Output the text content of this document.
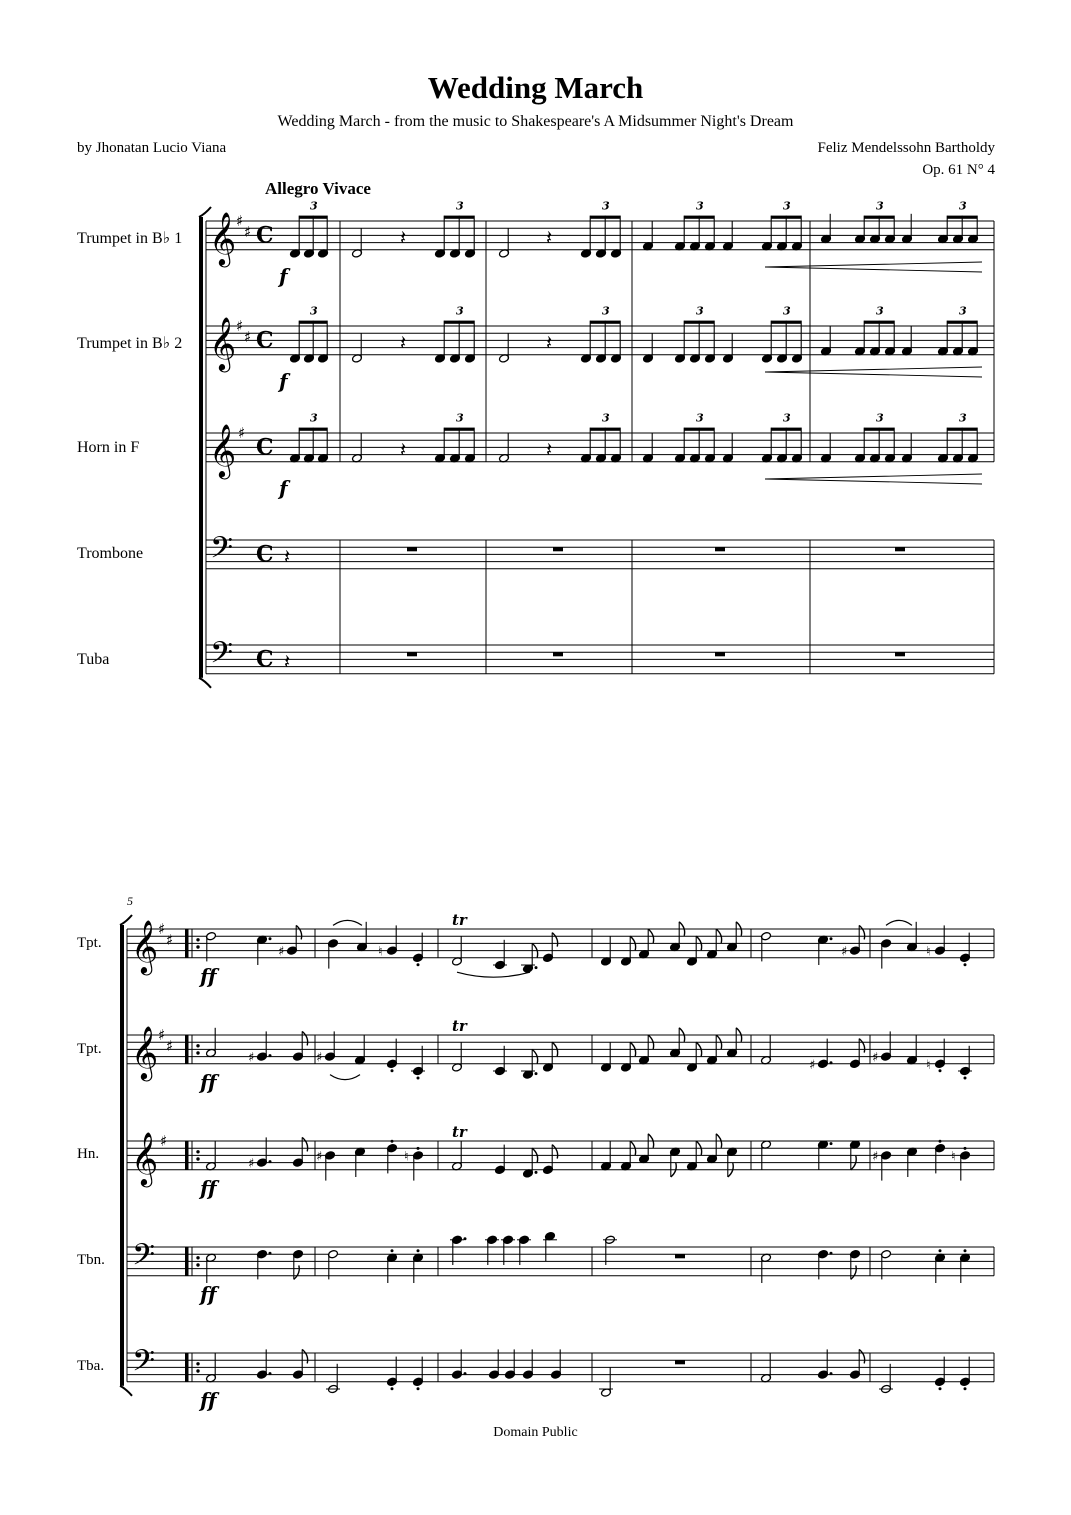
Wedding March
Wedding March - from the music to Shakespeare's A Midsummer Night's Dream
by Jhonatan Lucio Viana	Feliz Mendelssohn Bartholdy
Op. 61 N° 4
Allegro Vivace
Trumpet in B♭ 1
Trumpet in B♭ 2
Horn in F
Trombone
Tuba
Tpt.
Tpt.
Hn.
Tbn.
Tba.
5
𝄞
𝄞
𝄞
𝄢
𝄢
♯
♯
♯
♯
♯
C
C
C
C
C
3
𝄽
3
𝄽
3	3	3	3	3
3
𝄽
3
𝄽
3	3	3	3	3
3
𝄽
3
𝄽
3	3	3	3	3
𝄽
𝄽
f
f
f
𝄞
𝄞
𝄞
𝄢
𝄢
♯
♯
♯
♯
♯
♯	♮
tr
♯	♮
♯	♯
tr
♯	♯	♮
♯	♯	♮
tr
♯	♮
ff
ff
ff
ff
ff
Domain Public
